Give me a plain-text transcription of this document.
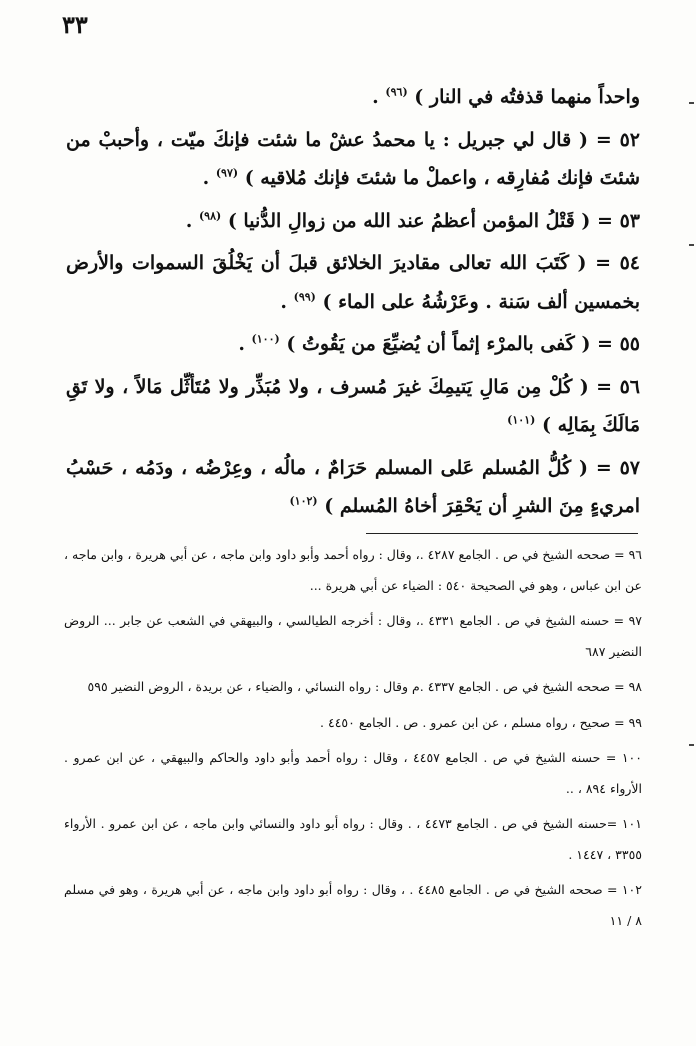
٣٣

واحداً منهما قذفتُه في النار ) $^{(٩٦)}$ .

٥٢ = ( قال لي جبريل : يا محمدُ عشْ ما شئت فإنكَ ميّت ، وأحببْ من شئتَ فإنك مُفارِقه ، واعملْ ما شئتَ فإنك مُلاقيه ) $^{(٩٧)}$ .

٥٣ = ( قَتْلُ المؤمن أعظمُ عند الله من زوالِ الدُّنيا ) $^{(٩٨)}$ .

٥٤ = ( كَتَبَ الله تعالى مقاديرَ الخلائق قبلَ أن يَخْلُقَ السموات والأرض بخمسين ألف سَنة . وعَرْشُهُ على الماء ) $^{(٩٩)}$ .

٥٥ = ( كَفى بالمرْء إثماً أن يُضيِّعَ من يَقُوتُ ) $^{(١٠٠)}$ .

٥٦ = ( كُلْ مِن مَالِ يَتيمِكَ غيرَ مُسرف ، ولا مُبَذِّر ولا مُتَأثِّل مَالاً ، ولا تَقِ مَالَكَ بِمَالِه ) $^{(١٠١)}$

٥٧ = ( كُلُّ المُسلم عَلى المسلم حَرَامٌ ، مالُه ، وعِرْضُه ، ودَمُه ، حَسْبُ امريءٍ مِنَ الشرِ أن يَحْقِرَ أخاهُ المُسلم ) $^{(١٠٢)}$

٩٦ = صححه الشيخ في ص . الجامع ٤٢٨٧ .، وقال : رواه أحمد وأبو داود وابن ماجه ، عن أبي هريرة ، وابن ماجه ، عن ابن عباس ، وهو في الصحيحة ٥٤٠ : الضياء عن أبي هريرة ...

٩٧ = حسنه الشيخ في ص . الجامع ٤٣٣١ .، وقال : أخرجه الطيالسي ، والبيهقي في الشعب عن جابر ... الروض النضير ٦٨٧

٩٨ = صححه الشيخ في ص . الجامع ٤٣٣٧ .م وقال : رواه النسائي ، والضياء ، عن بريدة ، الروض النضير ٥٩٥

٩٩ = صحيح ، رواه مسلم ، عن ابن عمرو . ص . الجامع ٤٤٥٠ .

١٠٠ = حسنه الشيخ في ص . الجامع ٤٤٥٧ ، وقال : رواه أحمد وأبو داود والحاكم والبيهقي ، عن ابن عمرو . الأرواء ٨٩٤ ، ..

١٠١ =حسنه الشيخ في ص . الجامع ٤٤٧٣ ، . وقال : رواه أبو داود والنسائي وابن ماجه ، عن ابن عمرو . الأرواء ٣٣٥٥ ، ١٤٤٧ .

١٠٢ = صححه الشيخ في ص . الجامع ٤٤٨٥ . ، وقال : رواه أبو داود وابن ماجه ، عن أبي هريرة ، وهو في مسلم ٨ / ١١
